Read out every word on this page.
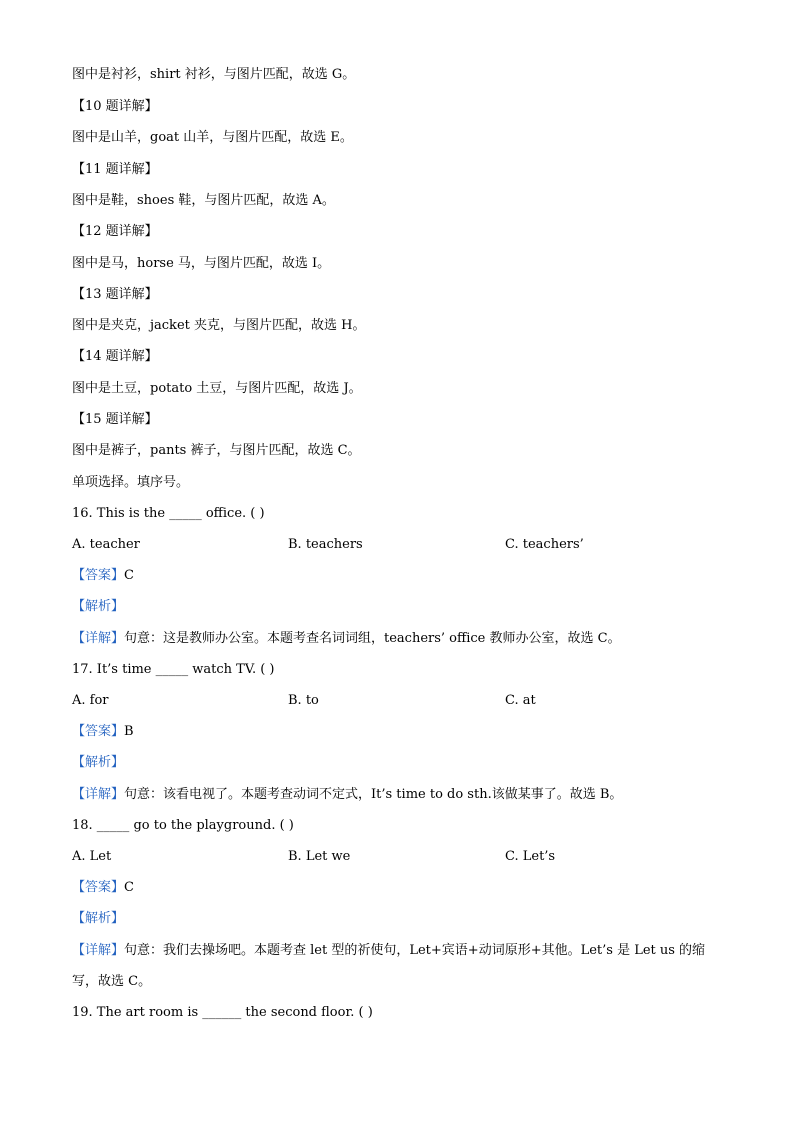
图中是衬衫，shirt 衬衫，与图片匹配，故选 G。
【10 题详解】
图中是山羊，goat 山羊，与图片匹配，故选 E。
【11 题详解】
图中是鞋，shoes 鞋，与图片匹配，故选 A。
【12 题详解】
图中是马，horse 马，与图片匹配，故选 I。
【13 题详解】
图中是夹克，jacket 夹克，与图片匹配，故选 H。
【14 题详解】
图中是土豆，potato 土豆，与图片匹配，故选 J。
【15 题详解】
图中是裤子，pants 裤子，与图片匹配，故选 C。
单项选择。填序号。
16. This is the _____ office. ( )
A. teacher	B. teachers	C. teachers’
【答案】C
【解析】
【详解】句意：这是教师办公室。本题考查名词词组，teachers’ office 教师办公室，故选 C。
17. It’s time _____ watch TV. ( )
A. for	B. to	C. at
【答案】B
【解析】
【详解】句意：该看电视了。本题考查动词不定式，It’s time to do sth.该做某事了。故选 B。
18. _____ go to the playground. ( )
A. Let	B. Let we	C. Let’s
【答案】C
【解析】
【详解】句意：我们去操场吧。本题考查 let 型的祈使句，Let+宾语+动词原形+其他。Let’s 是 Let us 的缩
写，故选 C。
19. The art room is ______ the second floor. ( )
